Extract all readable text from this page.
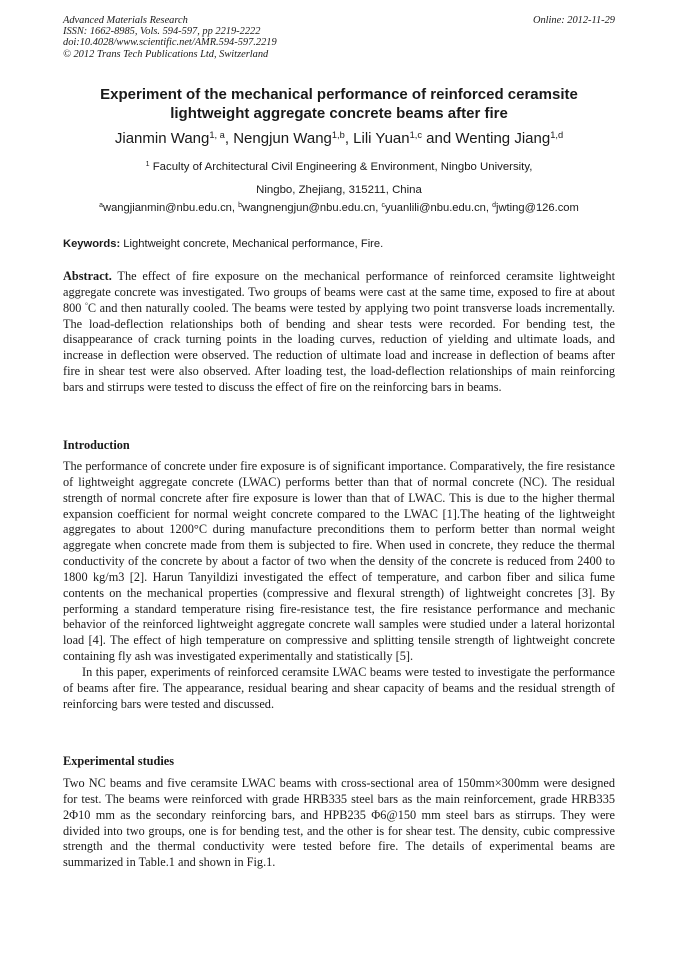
Advanced Materials Research
ISSN: 1662-8985, Vols. 594-597, pp 2219-2222
doi:10.4028/www.scientific.net/AMR.594-597.2219
© 2012 Trans Tech Publications Ltd, Switzerland
Online: 2012-11-29
Experiment of the mechanical performance of reinforced ceramsite
lightweight aggregate concrete beams after fire
Jianmin Wang$^{1, a}$, Nengjun Wang$^{1,b}$, Lili Yuan$^{1,c}$ and Wenting Jiang$^{1,d}$
$^1$ Faculty of Architectural Civil Engineering & Environment, Ningbo University,
Ningbo, Zhejiang, 315211, China
$^a$wangjianmin@nbu.edu.cn, $^b$wangnengjun@nbu.edu.cn, $^c$yuanlili@nbu.edu.cn, $^d$jwting@126.com
Keywords: Lightweight concrete, Mechanical performance, Fire.

Abstract. The effect of fire exposure on the mechanical performance of reinforced ceramsite lightweight aggregate concrete was investigated. Two groups of beams were cast at the same time, exposed to fire at about 800 °C and then naturally cooled. The beams were tested by applying two point transverse loads incrementally. The load-deflection relationships both of bending and shear tests were recorded. For bending test, the disappearance of crack turning points in the loading curves, reduction of yielding and ultimate loads, and increase in deflection were observed. The reduction of ultimate load and increase in deflection of beams after fire in shear test were also observed. After loading test, the load-deflection relationships of main reinforcing bars and stirrups were tested to discuss the effect of fire on the reinforcing bars in beams.

Introduction

The performance of concrete under fire exposure is of significant importance. Comparatively, the fire resistance of lightweight aggregate concrete (LWAC) performs better than that of normal concrete (NC). The residual strength of normal concrete after fire exposure is lower than that of LWAC. This is due to the higher thermal expansion coefficient for normal weight concrete compared to the LWAC [1].The heating of the lightweight aggregates to about 1200°C during manufacture preconditions them to perform better than normal weight aggregate when concrete made from them is subjected to fire. When used in concrete, they reduce the thermal conductivity of the concrete by about a factor of two when the density of the concrete is reduced from 2400 to 1800 kg/m3 [2]. Harun Tanyildizi investigated the effect of temperature, and carbon fiber and silica fume contents on the mechanical properties (compressive and flexural strength) of lightweight concretes [3]. By performing a standard temperature rising fire-resistance test, the fire resistance performance and mechanic behavior of the reinforced lightweight aggregate concrete wall samples were studied under a lateral horizontal load [4]. The effect of high temperature on compressive and splitting tensile strength of lightweight concrete containing fly ash was investigated experimentally and statistically [5].

In this paper, experiments of reinforced ceramsite LWAC beams were tested to investigate the performance of beams after fire. The appearance, residual bearing and shear capacity of beams and the residual strength of reinforcing bars were tested and discussed.

Experimental studies

Two NC beams and five ceramsite LWAC beams with cross-sectional area of 150mm×300mm were designed for test. The beams were reinforced with grade HRB335 steel bars as the main reinforcement, grade HRB335 2Φ10 mm as the secondary reinforcing bars, and HPB235 Φ6@150 mm steel bars as stirrups. They were divided into two groups, one is for bending test, and the other is for shear test. The density, cubic compressive strength and the thermal conductivity were tested before fire. The details of experimental beams are summarized in Table.1 and shown in Fig.1.
